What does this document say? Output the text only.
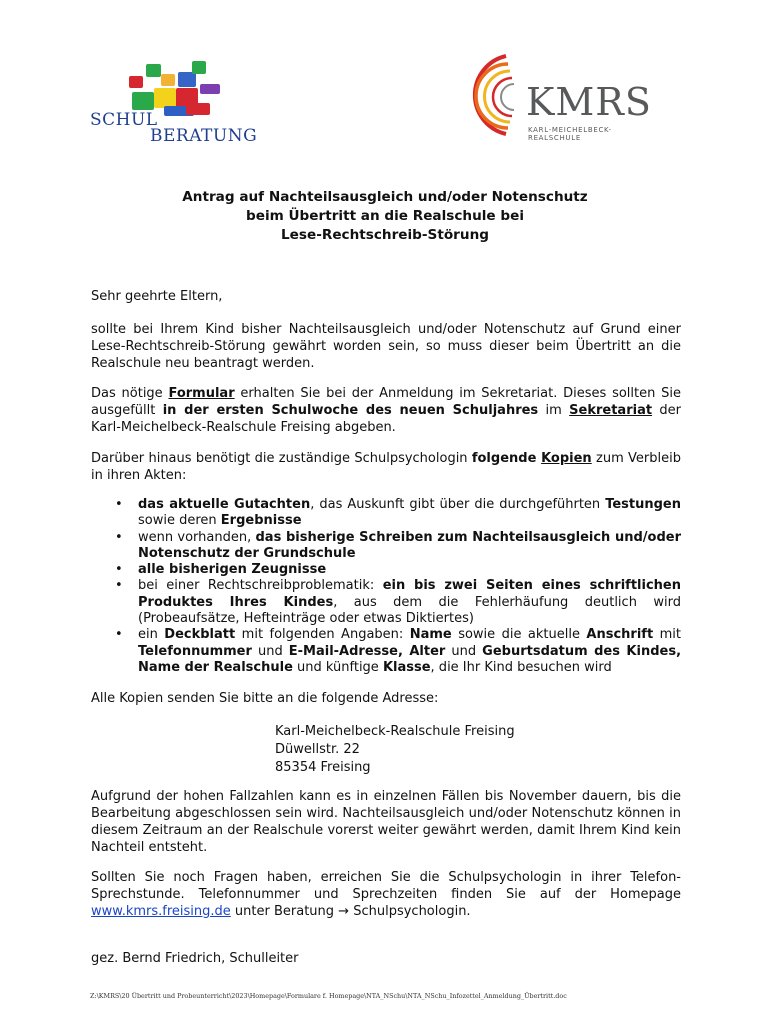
SCHUL
BERATUNG
KMRS
KARL-MEICHELBECK-REALSCHULE
Antrag auf Nachteilsausgleich und/oder Notenschutz
beim Übertritt an die Realschule bei
Lese-Rechtschreib-Störung
Sehr geehrte Eltern,
sollte bei Ihrem Kind bisher Nachteilsausgleich und/oder Notenschutz auf Grund einer Lese-Rechtschreib-Störung gewährt worden sein, so muss dieser beim Übertritt an die Realschule neu beantragt werden.
Das nötige Formular erhalten Sie bei der Anmeldung im Sekretariat. Dieses sollten Sie ausgefüllt in der ersten Schulwoche des neuen Schuljahres im Sekretariat der Karl-Meichelbeck-Realschule Freising abgeben.
Darüber hinaus benötigt die zuständige Schulpsychologin folgende Kopien zum Verbleib in ihren Akten:
• das aktuelle Gutachten, das Auskunft gibt über die durchgeführten Testungen sowie deren Ergebnisse
• wenn vorhanden, das bisherige Schreiben zum Nachteilsausgleich und/oder Notenschutz der Grundschule
• alle bisherigen Zeugnisse
• bei einer Rechtschreibproblematik: ein bis zwei Seiten eines schriftlichen Produktes Ihres Kindes, aus dem die Fehlerhäufung deutlich wird (Probeaufsätze, Hefteinträge oder etwas Diktiertes)
• ein Deckblatt mit folgenden Angaben: Name sowie die aktuelle Anschrift mit Telefonnummer und E-Mail-Adresse, Alter und Geburtsdatum des Kindes, Name der Realschule und künftige Klasse, die Ihr Kind besuchen wird
Alle Kopien senden Sie bitte an die folgende Adresse:
Karl-Meichelbeck-Realschule Freising
Düwellstr. 22
85354 Freising
Aufgrund der hohen Fallzahlen kann es in einzelnen Fällen bis November dauern, bis die Bearbeitung abgeschlossen sein wird. Nachteilsausgleich und/oder Notenschutz können in diesem Zeitraum an der Realschule vorerst weiter gewährt werden, damit Ihrem Kind kein Nachteil entsteht.
Sollten Sie noch Fragen haben, erreichen Sie die Schulpsychologin in ihrer Telefon-Sprechstunde. Telefonnummer und Sprechzeiten finden Sie auf der Homepage www.kmrs.freising.de unter Beratung → Schulpsychologin.
gez. Bernd Friedrich, Schulleiter
Z:\KMRS\20 Übertritt und Probeunterricht\2023\Homepage\Formulare f. Homepage\NTA_NSchu\NTA_NSchu_Infozettel_Anmeldung_Übertritt.doc
